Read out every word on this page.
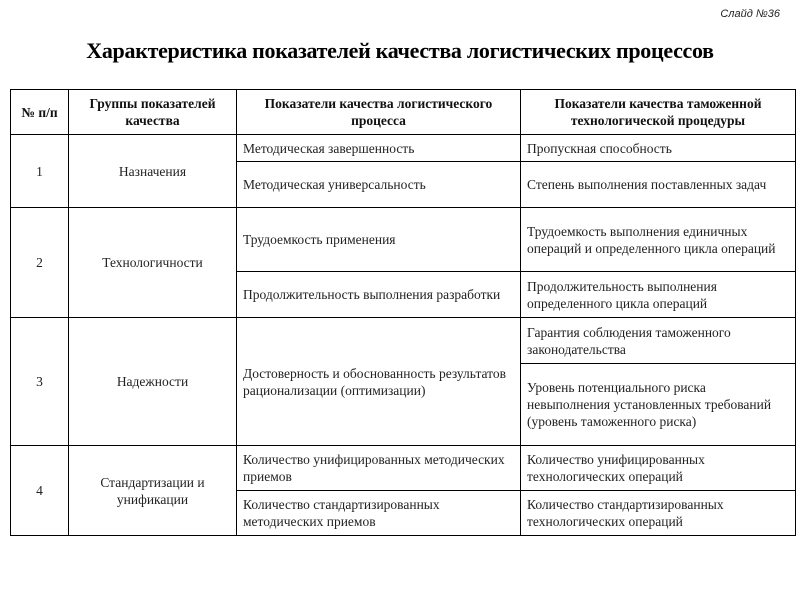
Слайд №36
Характеристика показателей качества логистических процессов
№ п/п	Группы показателей качества	Показатели качества логистического процесса	Показатели качества таможенной технологической процедуры
1	Назначения	Методическая завершенность	Пропускная способность
		Методическая универсальность	Степень выполнения поставленных задач
2	Технологичности	Трудоемкость применения	Трудоемкость выполнения единичных операций и определенного цикла операций
		Продолжительность выполнения разработки	Продолжительность выполнения определенного цикла операций
3	Надежности	Достоверность и обоснованность результатов рационализации (оптимизации)	Гарантия соблюдения таможенного законодательства
			Уровень потенциального риска невыполнения установленных требований (уровень таможенного риска)
4	Стандартизации и унификации	Количество унифицированных методических приемов	Количество унифицированных технологических операций
		Количество стандартизированных методических приемов	Количество стандартизированных технологических операций
